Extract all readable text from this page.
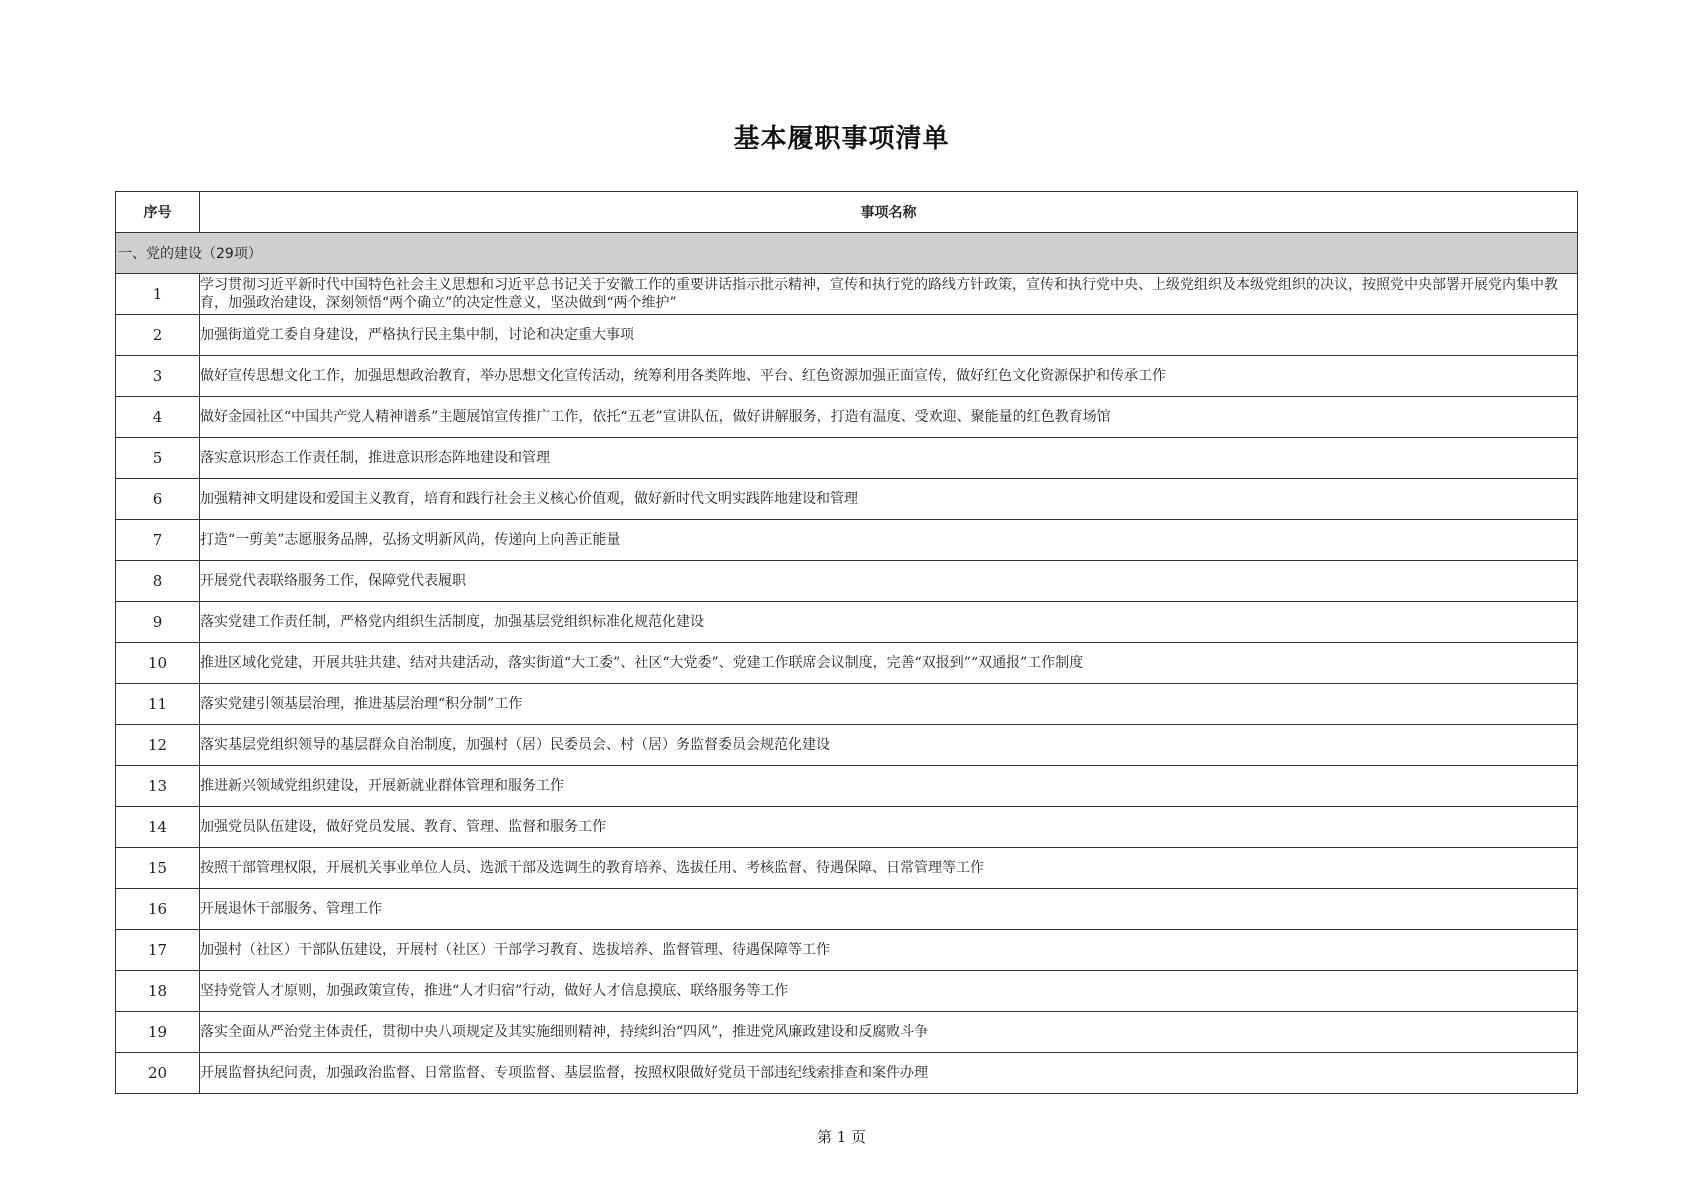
基本履职事项清单
序号	事项名称
一、党的建设（29项）	
1	学习贯彻习近平新时代中国特色社会主义思想和习近平总书记关于安徽工作的重要讲话指示批示精神，宣传和执行党的路线方针政策，宣传和执行党中央、上级党组织及本级党组织的决议，按照党中央部署开展党内集中教育，加强政治建设，深刻领悟“两个确立”的决定性意义，坚决做到“两个维护”
2	加强街道党工委自身建设，严格执行民主集中制，讨论和决定重大事项
3	做好宣传思想文化工作，加强思想政治教育，举办思想文化宣传活动，统筹利用各类阵地、平台、红色资源加强正面宣传，做好红色文化资源保护和传承工作
4	做好金园社区“中国共产党人精神谱系”主题展馆宣传推广工作，依托“五老”宣讲队伍，做好讲解服务，打造有温度、受欢迎、聚能量的红色教育场馆
5	落实意识形态工作责任制，推进意识形态阵地建设和管理
6	加强精神文明建设和爱国主义教育，培育和践行社会主义核心价值观，做好新时代文明实践阵地建设和管理
7	打造“一剪美”志愿服务品牌，弘扬文明新风尚，传递向上向善正能量
8	开展党代表联络服务工作，保障党代表履职
9	落实党建工作责任制，严格党内组织生活制度，加强基层党组织标准化规范化建设
10	推进区域化党建，开展共驻共建、结对共建活动，落实街道“大工委”、社区“大党委”、党建工作联席会议制度，完善“双报到”“双通报”工作制度
11	落实党建引领基层治理，推进基层治理“积分制”工作
12	落实基层党组织领导的基层群众自治制度，加强村（居）民委员会、村（居）务监督委员会规范化建设
13	推进新兴领域党组织建设，开展新就业群体管理和服务工作
14	加强党员队伍建设，做好党员发展、教育、管理、监督和服务工作
15	按照干部管理权限，开展机关事业单位人员、选派干部及选调生的教育培养、选拔任用、考核监督、待遇保障、日常管理等工作
16	开展退休干部服务、管理工作
17	加强村（社区）干部队伍建设，开展村（社区）干部学习教育、选拔培养、监督管理、待遇保障等工作
18	坚持党管人才原则，加强政策宣传，推进“人才归宿”行动，做好人才信息摸底、联络服务等工作
19	落实全面从严治党主体责任，贯彻中央八项规定及其实施细则精神，持续纠治“四风”，推进党风廉政建设和反腐败斗争
20	开展监督执纪问责，加强政治监督、日常监督、专项监督、基层监督，按照权限做好党员干部违纪线索排查和案件办理
第 1 页
